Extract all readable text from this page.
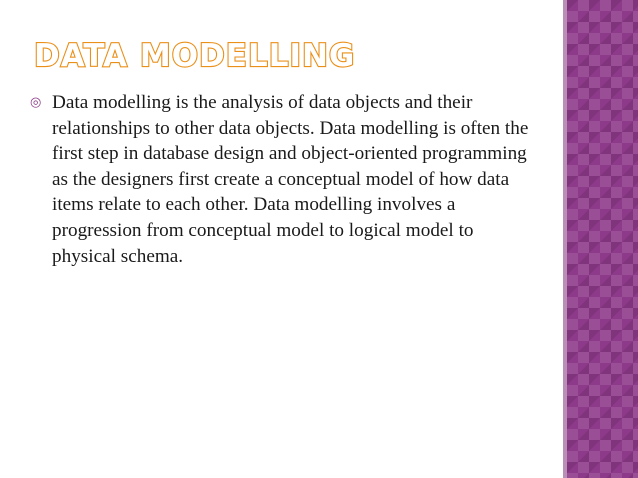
DATA MODELLING
◎ Data modelling is the analysis of data objects and their relationships to other data objects. Data modelling is often the first step in database design and object-oriented programming as the designers first create a conceptual model of how data items relate to each other. Data modelling involves a progression from conceptual model to logical model to physical schema.
